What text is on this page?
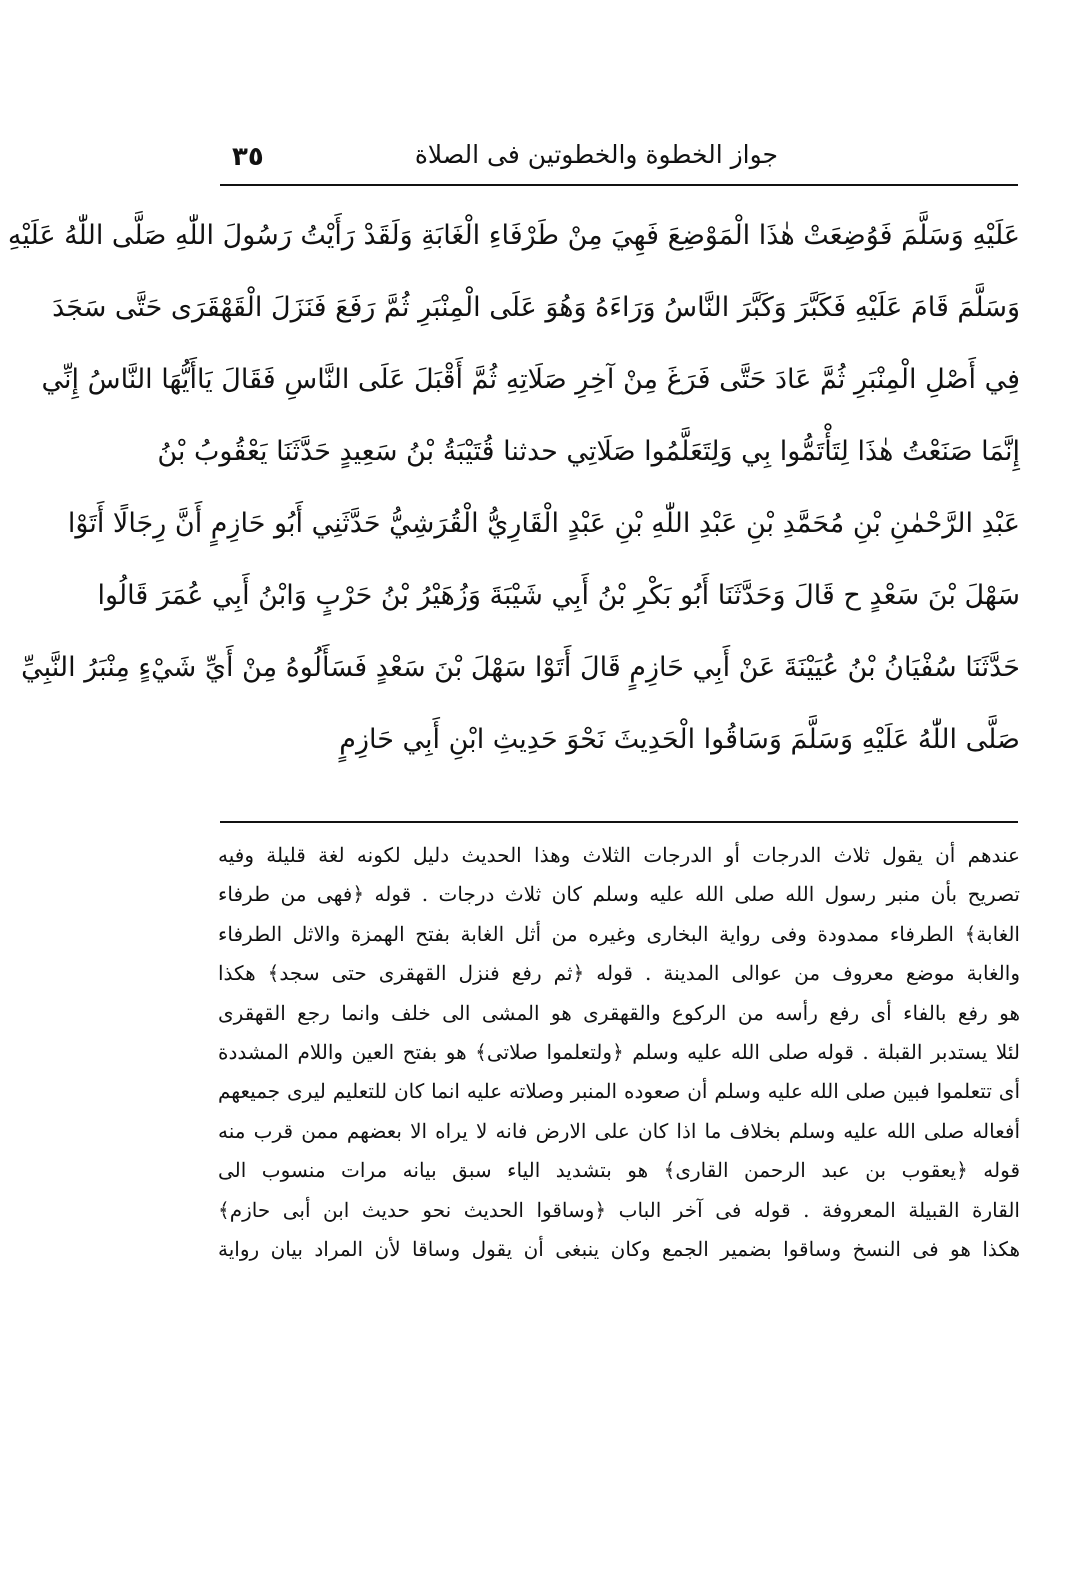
٣٥	جواز الخطوة والخطوتين فى الصلاة
عَلَيْهِ وَسَلَّمَ فَوُضِعَتْ هٰذَا الْمَوْضِعَ فَهِيَ مِنْ طَرْفَاءِ الْغَابَةِ وَلَقَدْ رَأَيْتُ رَسُولَ اللّٰهِ صَلَّى اللّٰهُ عَلَيْهِ
وَسَلَّمَ قَامَ عَلَيْهِ فَكَبَّرَ وَكَبَّرَ النَّاسُ وَرَاءَهُ وَهُوَ عَلَى الْمِنْبَرِ ثُمَّ رَفَعَ فَنَزَلَ الْقَهْقَرَى حَتَّى سَجَدَ
فِي أَصْلِ الْمِنْبَرِ ثُمَّ عَادَ حَتَّى فَرَغَ مِنْ آخِرِ صَلَاتِهِ ثُمَّ أَقْبَلَ عَلَى النَّاسِ فَقَالَ يَاأَيُّهَا النَّاسُ إِنِّي
إِنَّمَا صَنَعْتُ هٰذَا لِتَأْتَمُّوا بِي وَلِتَعَلَّمُوا صَلَاتِي حدثنا قُتَيْبَةُ بْنُ سَعِيدٍ حَدَّثَنَا يَعْقُوبُ بْنُ
عَبْدِ الرَّحْمٰنِ بْنِ مُحَمَّدِ بْنِ عَبْدِ اللّٰهِ بْنِ عَبْدٍ الْقَارِيُّ الْقُرَشِيُّ حَدَّثَنِي أَبُو حَازِمٍ أَنَّ رِجَالًا أَتَوْا
سَهْلَ بْنَ سَعْدٍ ح قَالَ وَحَدَّثَنَا أَبُو بَكْرِ بْنُ أَبِي شَيْبَةَ وَزُهَيْرُ بْنُ حَرْبٍ وَابْنُ أَبِي عُمَرَ قَالُوا
حَدَّثَنَا سُفْيَانُ بْنُ عُيَيْنَةَ عَنْ أَبِي حَازِمٍ قَالَ أَتَوْا سَهْلَ بْنَ سَعْدٍ فَسَأَلُوهُ مِنْ أَيِّ شَيْءٍ مِنْبَرُ النَّبِيِّ
صَلَّى اللّٰهُ عَلَيْهِ وَسَلَّمَ وَسَاقُوا الْحَدِيثَ نَحْوَ حَدِيثِ ابْنِ أَبِي حَازِمٍ
عندهم أن يقول ثلاث الدرجات أو الدرجات الثلاث وهذا الحديث دليل لكونه لغة قليلة وفيه
تصريح بأن منبر رسول الله صلى الله عليه وسلم كان ثلاث درجات . قوله ﴿فهى من طرفاء
الغابة﴾ الطرفاء ممدودة وفى رواية البخارى وغيره من أثل الغابة بفتح الهمزة والاثل الطرفاء
والغابة موضع معروف من عوالى المدينة . قوله ﴿ثم رفع فنزل القهقرى حتى سجد﴾ هكذا
هو رفع بالفاء أى رفع رأسه من الركوع والقهقرى هو المشى الى خلف وانما رجع القهقرى
لئلا يستدبر القبلة . قوله صلى الله عليه وسلم ﴿ولتعلموا صلاتى﴾ هو بفتح العين واللام المشددة
أى تتعلموا فبين صلى الله عليه وسلم أن صعوده المنبر وصلاته عليه انما كان للتعليم ليرى جميعهم
أفعاله صلى الله عليه وسلم بخلاف ما اذا كان على الارض فانه لا يراه الا بعضهم ممن قرب منه
قوله ﴿يعقوب بن عبد الرحمن القارى﴾ هو بتشديد الياء سبق بيانه مرات منسوب الى
القارة القبيلة المعروفة . قوله فى آخر الباب ﴿وساقوا الحديث نحو حديث ابن أبى حازم﴾
هكذا هو فى النسخ وساقوا بضمير الجمع وكان ينبغى أن يقول وساقا لأن المراد بيان رواية
